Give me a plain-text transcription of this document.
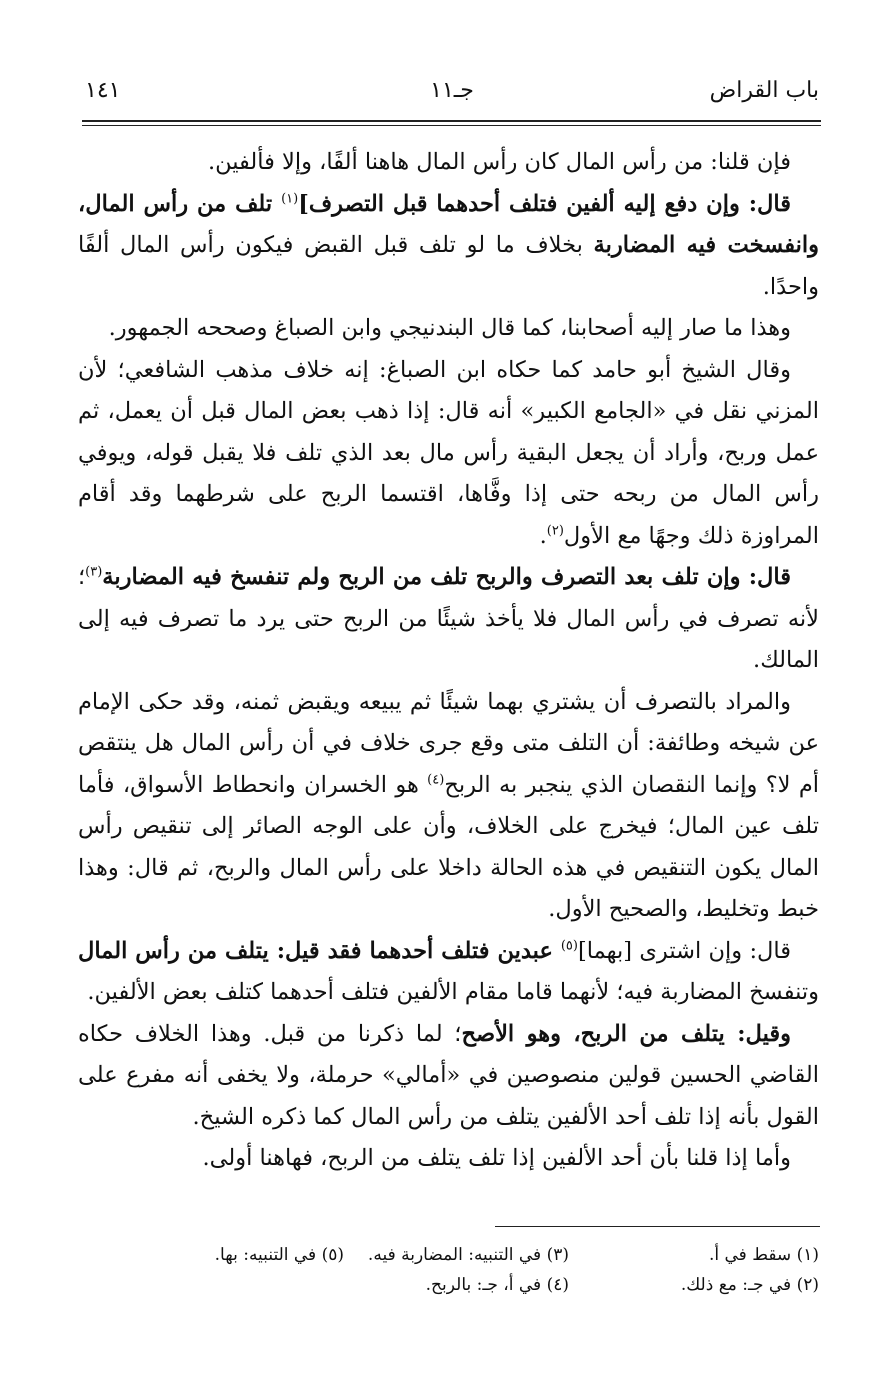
باب القراض
جـ١١
١٤١

فإن قلنا: من رأس المال كان رأس المال هاهنا ألفًا، وإلا فألفين.

قال: وإن دفع إليه ألفين فتلف أحدهما قبل التصرف]$^{(١)}$ تلف من رأس المال، وانفسخت فيه المضاربة بخلاف ما لو تلف قبل القبض فيكون رأس المال ألفًا واحدًا.

وهذا ما صار إليه أصحابنا، كما قال البندنيجي وابن الصباغ وصححه الجمهور.

وقال الشيخ أبو حامد كما حكاه ابن الصباغ: إنه خلاف مذهب الشافعي؛ لأن المزني نقل في «الجامع الكبير» أنه قال: إذا ذهب بعض المال قبل أن يعمل، ثم عمل وربح، وأراد أن يجعل البقية رأس مال بعد الذي تلف فلا يقبل قوله، ويوفي رأس المال من ربحه حتى إذا وفَّاها، اقتسما الربح على شرطهما وقد أقام المراوزة ذلك وجهًا مع الأول$^{(٢)}$.

قال: وإن تلف بعد التصرف والربح تلف من الربح ولم تنفسخ فيه المضاربة$^{(٣)}$؛ لأنه تصرف في رأس المال فلا يأخذ شيئًا من الربح حتى يرد ما تصرف فيه إلى المالك.

والمراد بالتصرف أن يشتري بهما شيئًا ثم يبيعه ويقبض ثمنه، وقد حكى الإمام عن شيخه وطائفة: أن التلف متى وقع جرى خلاف في أن رأس المال هل ينتقص أم لا؟ وإنما النقصان الذي ينجبر به الربح$^{(٤)}$ هو الخسران وانحطاط الأسواق، فأما تلف عين المال؛ فيخرج على الخلاف، وأن على الوجه الصائر إلى تنقيص رأس المال يكون التنقيص في هذه الحالة داخلا على رأس المال والربح، ثم قال: وهذا خبط وتخليط، والصحيح الأول.

قال: وإن اشترى [بهما]$^{(٥)}$ عبدين فتلف أحدهما فقد قيل: يتلف من رأس المال وتنفسخ المضاربة فيه؛ لأنهما قاما مقام الألفين فتلف أحدهما كتلف بعض الألفين.

وقيل: يتلف من الربح، وهو الأصح؛ لما ذكرنا من قبل. وهذا الخلاف حكاه القاضي الحسين قولين منصوصين في «أمالي» حرملة، ولا يخفى أنه مفرع على القول بأنه إذا تلف أحد الألفين يتلف من رأس المال كما ذكره الشيخ.

وأما إذا قلنا بأن أحد الألفين إذا تلف يتلف من الربح، فهاهنا أولى.

(١) سقط في أ.
(٣) في التنبيه: المضاربة فيه.
(٥) في التنبيه: بها.
(٢) في جـ: مع ذلك.
(٤) في أ، جـ: بالربح.
